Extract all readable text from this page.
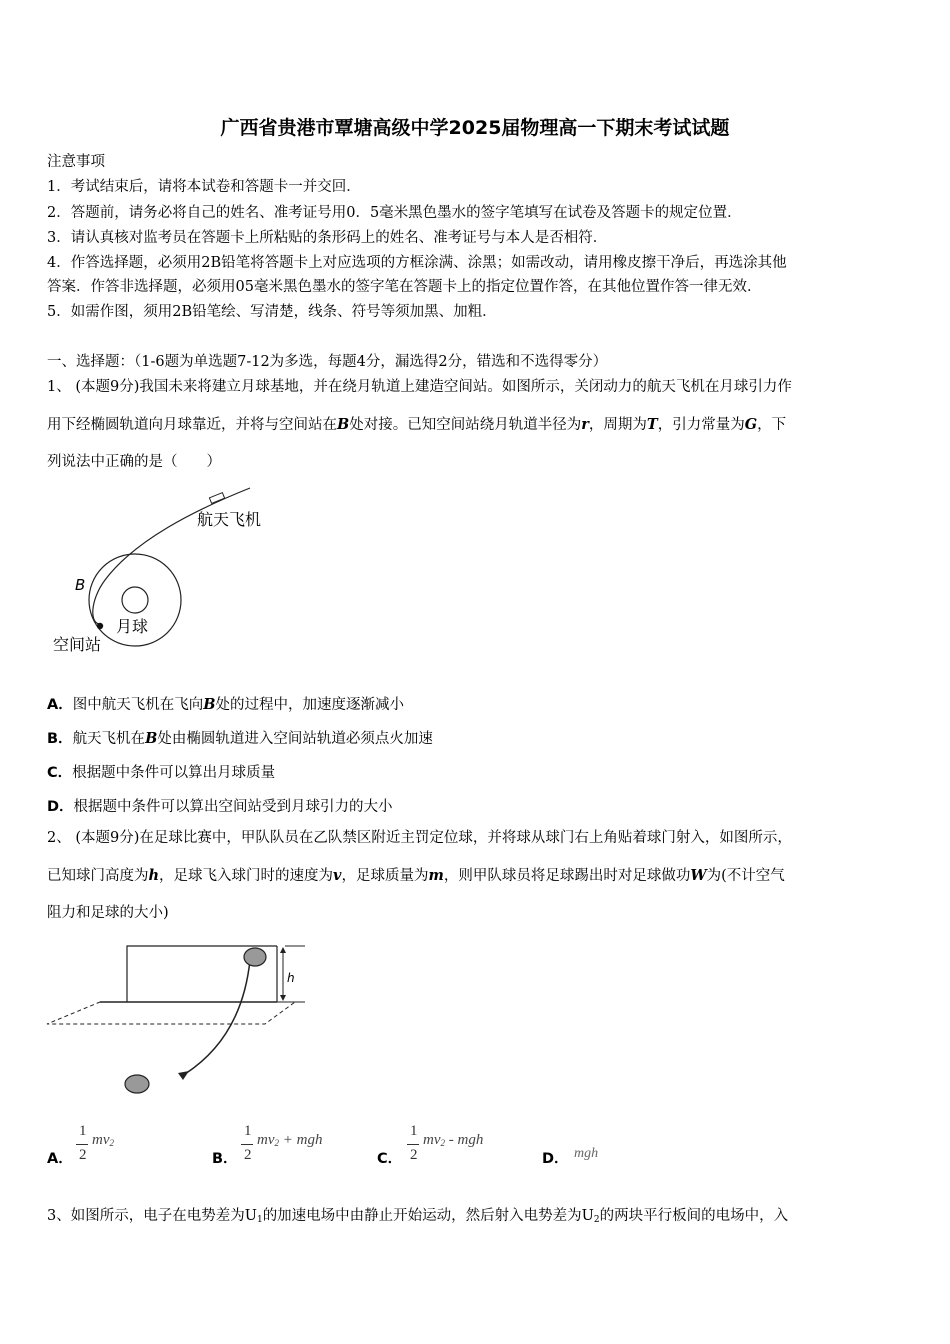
广西省贵港市覃塘高级中学2025届物理高一下期末考试试题
注意事项
1．考试结束后，请将本试卷和答题卡一并交回．
2．答题前，请务必将自己的姓名、准考证号用0．5毫米黑色墨水的签字笔填写在试卷及答题卡的规定位置．
3．请认真核对监考员在答题卡上所粘贴的条形码上的姓名、准考证号与本人是否相符．
4．作答选择题，必须用2B铅笔将答题卡上对应选项的方框涂满、涂黑；如需改动，请用橡皮擦干净后，再选涂其他
答案．作答非选择题，必须用05毫米黑色墨水的签字笔在答题卡上的指定位置作答，在其他位置作答一律无效．
5．如需作图，须用2B铅笔绘、写清楚，线条、符号等须加黑、加粗．
一、选择题：（1-6题为单选题7-12为多选，每题4分，漏选得2分，错选和不选得零分）
1、 (本题9分)我国未来将建立月球基地，并在绕月轨道上建造空间站。如图所示，关闭动力的航天飞机在月球引力作
用下经椭圆轨道向月球靠近，并将与空间站在B处对接。已知空间站绕月轨道半径为r，周期为T，引力常量为G，下
列说法中正确的是（　　）
航天飞机
B
月球
空间站
A．图中航天飞机在飞向B处的过程中，加速度逐渐减小
B．航天飞机在B处由椭圆轨道进入空间站轨道必须点火加速
C．根据题中条件可以算出月球质量
D．根据题中条件可以算出空间站受到月球引力的大小
2、 (本题9分)在足球比赛中，甲队队员在乙队禁区附近主罚定位球，并将球从球门右上角贴着球门射入，如图所示，
已知球门高度为h，足球飞入球门时的速度为v，足球质量为m，则甲队球员将足球踢出时对足球做功W为(不计空气
阻力和足球的大小)
h
A．
1
2
$mv^2$
B．
1
2
$mv^2$ + mgh
C．
1
2
$mv^2$ - mgh
D． mgh
3、如图所示，电子在电势差为$U_1$的加速电场中由静止开始运动，然后射入电势差为$U_2$的两块平行板间的电场中，入
